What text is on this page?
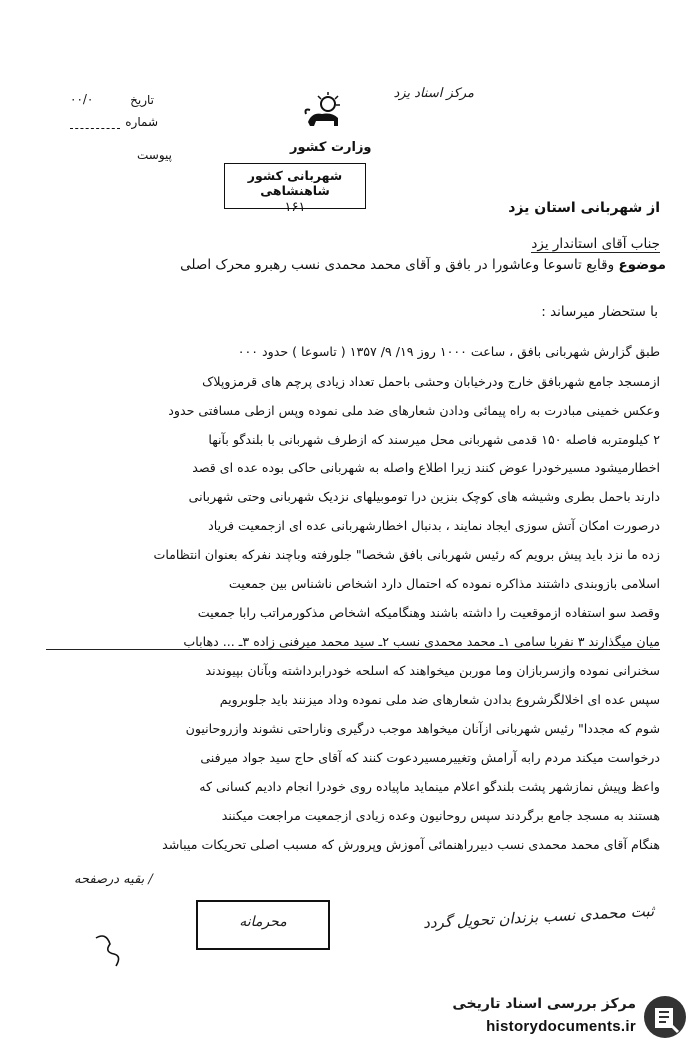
مرکز اسناد یزد
تاریخ
۰۰/۰
شماره
پیوست	وزارت کشور
شهربانی کشور شاهنشاهی
۱۶۱	از شهربانی استان یزد
جناب آقای استاندار یزد
موضوع وقایع تاسوعا وعاشورا در بافق و آقای محمد محمدی نسب رهبرو محرک اصلی
با ستحضار میرساند :
طبق گزارش شهربانی بافق ، ساعت ۱۰۰۰ روز ۱۹/ ۹/ ۱۳۵۷ ( تاسوعا ) حدود ۰۰۰
ازمسجد جامع شهربافق خارج ودرخیابان وحشی باحمل تعداد زیادی پرچم های قرمزوپلاک
وعکس خمینی مبادرت به راه پیمائی ودادن شعارهای ضد ملی نموده وپس ازطی مسافتی حدود
۲ کیلومتربه فاصله ۱۵۰ قدمی شهربانی محل میرسند که ازطرف شهربانی با بلندگو بآنها
اخطارمیشود مسیرخودرا عوض کنند زیرا اطلاع واصله به شهربانی حاکی بوده عده ای قصد
دارند باحمل بطری وشیشه های کوچک بنزین درا توموبیلهای نزدیک شهربانی وحتی شهربانی
درصورت امکان آتش سوزی ایجاد نمایند ، بدنبال اخطارشهربانی عده ای ازجمعیت فریاد
زده ما نزد باید پیش برویم که رئیس شهربانی بافق شخصا" جلورفته وباچند نفرکه بعنوان انتظامات
اسلامی بازوبندی داشتند مذاکره نموده که احتمال دارد اشخاص ناشناس بین جمعیت
وقصد سو استفاده ازموقعیت را داشته باشند وهنگامیکه اشخاص مذکورمراتب رابا جمعیت
میان میگذارند ۳ نفربا سامی ۱ـ محمد محمدی نسب ۲ـ سید محمد میرفنی زاده ۳ـ ... دهاباب
سخنرانی نموده وازسربازان وما موربن میخواهند که اسلحه خودرابرداشته وبآنان بپیوندند
سپس عده ای اخلالگرشروع بدادن شعارهای ضد ملی نموده وداد میزنند باید جلوبرویم
شوم که مجددا" رئیس شهربانی ازآنان میخواهد موجب درگیری وناراحتی نشوند وازروحانیون
درخواست میکند مردم رابه آرامش وتغییرمسیردعوت کنند که آقای حاج سید جواد میرفنی
واعظ وپیش نمازشهر پشت بلندگو اعلام مینماید ماپیاده روی خودرا انجام دادیم کسانی که
هستند به مسجد جامع برگردند سپس روحانیون وعده زیادی ازجمعیت مراجعت میکنند
هنگام آقای محمد محمدی نسب دبیرراهنمائی آموزش وپرورش که مسبب اصلی تحریکات میباشد
/ بقیه درصفحه
ثبت محمدی نسب بزندان تحویل گردد
محرمانه
مرکز بررسی اسناد تاریخی
historydocuments.ir
